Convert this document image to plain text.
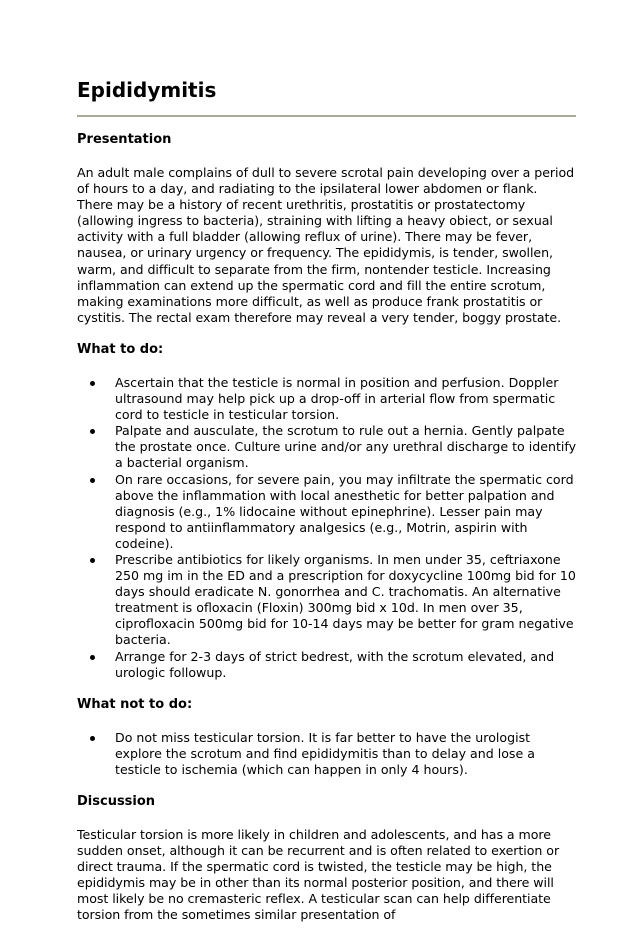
Epididymitis
Presentation

An adult male complains of dull to severe scrotal pain developing over a period of hours to a day, and radiating to the ipsilateral lower abdomen or flank. There may be a history of recent urethritis, prostatitis or prostatectomy (allowing ingress to bacteria), straining with lifting a heavy obiect, or sexual activity with a full bladder (allowing reflux of urine). There may be fever, nausea, or urinary urgency or frequency. The epididymis, is tender, swollen, warm, and difficult to separate from the firm, nontender testicle. Increasing inflammation can extend up the spermatic cord and fill the entire scrotum, making examinations more difficult, as well as produce frank prostatitis or cystitis. The rectal exam therefore may reveal a very tender, boggy prostate.

What to do:
Ascertain that the testicle is normal in position and perfusion. Doppler ultrasound may help pick up a drop-off in arterial flow from spermatic cord to testicle in testicular torsion.
Palpate and ausculate, the scrotum to rule out a hernia. Gently palpate the prostate once. Culture urine and/or any urethral discharge to identify a bacterial organism.
On rare occasions, for severe pain, you may infiltrate the spermatic cord above the inflammation with local anesthetic for better palpation and diagnosis (e.g., 1% lidocaine without epinephrine). Lesser pain may respond to antiinflammatory analgesics (e.g., Motrin, aspirin with codeine).
Prescribe antibiotics for likely organisms. In men under 35, ceftriaxone 250 mg im in the ED and a prescription for doxycycline 100mg bid for 10 days should eradicate N. gonorrhea and C. trachomatis. An alternative treatment is ofloxacin (Floxin) 300mg bid x 10d. In men over 35, ciprofloxacin 500mg bid for 10-14 days may be better for gram negative bacteria.
Arrange for 2-3 days of strict bedrest, with the scrotum elevated, and urologic followup.
What not to do:
Do not miss testicular torsion. It is far better to have the urologist explore the scrotum and find epididymitis than to delay and lose a testicle to ischemia (which can happen in only 4 hours).
Discussion

Testicular torsion is more likely in children and adolescents, and has a more sudden onset, although it can be recurrent and is often related to exertion or direct trauma. If the spermatic cord is twisted, the testicle may be high, the epididymis may be in other than its normal posterior position, and there will most likely be no cremasteric reflex. A testicular scan can help differentiate torsion from the sometimes similar presentation of
